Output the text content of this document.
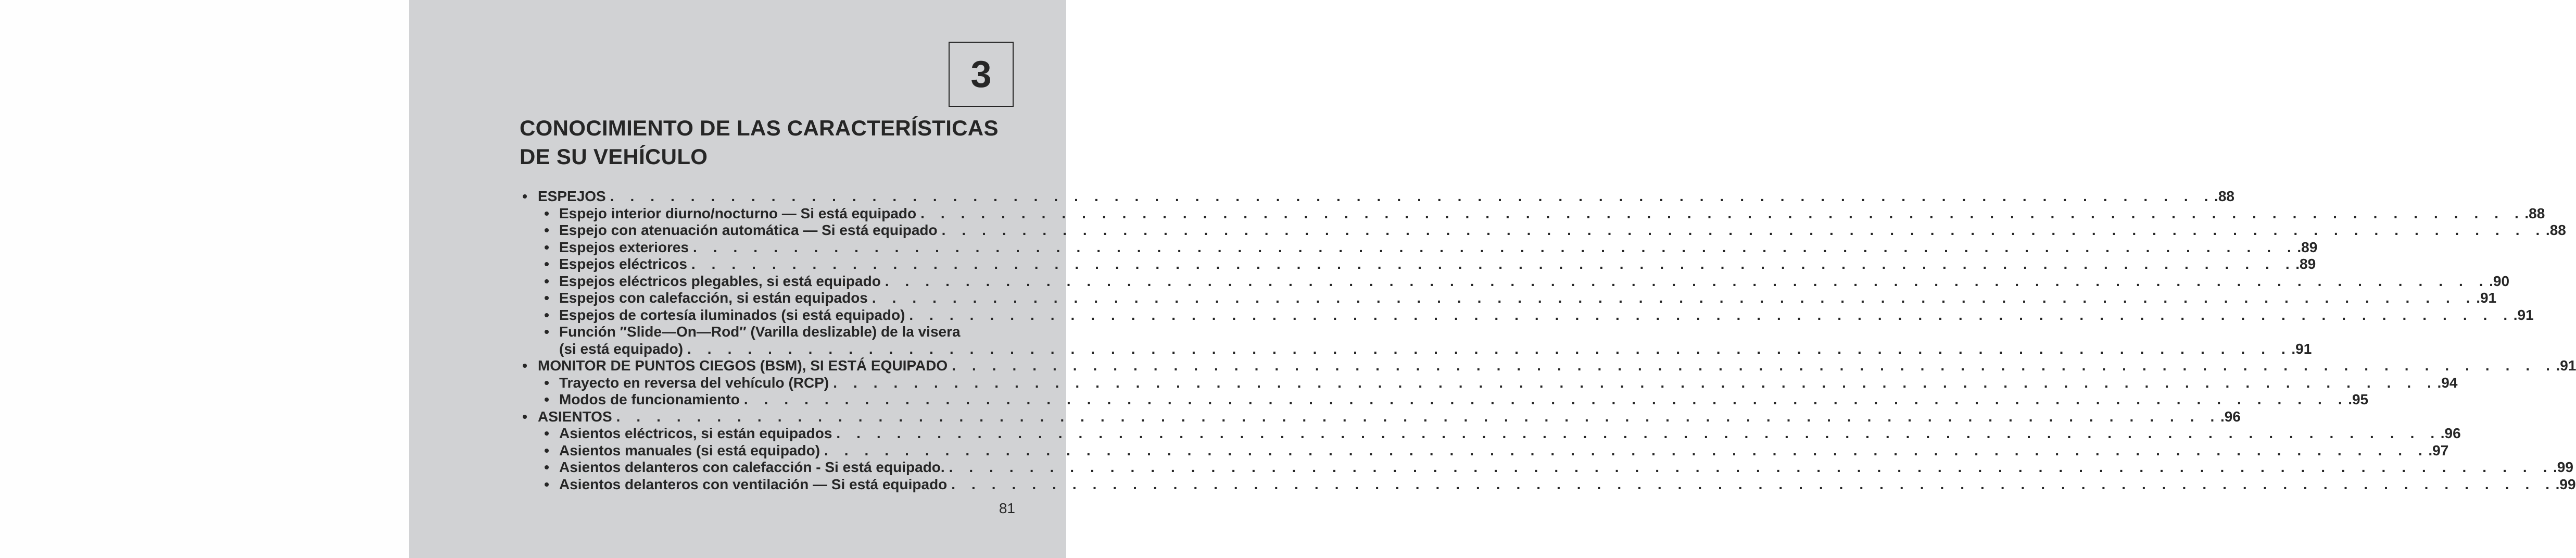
3
CONOCIMIENTO DE LAS CARACTERÍSTICAS
DE SU VEHÍCULO
• ESPEJOS . . . . . . . . . . . . . . . . . . . . . . . . . . . . . . . . . . . . . . . . . . . . . . . . . . . . . . . . . . . . . . . . . . . . . . . . . . . . . . . . .88
• Espejo interior diurno/nocturno — Si está equipado . . . . . . . . . . . . . . . . . . . . . . . . . . . . . . . . . . . . . . . . . . . . . . . . . . . . . . . . . . . . . . . . . . . . . . . . . . . . . . . . .88
• Espejo con atenuación automática — Si está equipado . . . . . . . . . . . . . . . . . . . . . . . . . . . . . . . . . . . . . . . . . . . . . . . . . . . . . . . . . . . . . . . . . . . . . . . . . . . . . . . . .88
• Espejos exteriores . . . . . . . . . . . . . . . . . . . . . . . . . . . . . . . . . . . . . . . . . . . . . . . . . . . . . . . . . . . . . . . . . . . . . . . . . . . . . . . . .89
• Espejos eléctricos . . . . . . . . . . . . . . . . . . . . . . . . . . . . . . . . . . . . . . . . . . . . . . . . . . . . . . . . . . . . . . . . . . . . . . . . . . . . . . . . .89
• Espejos eléctricos plegables, si está equipado . . . . . . . . . . . . . . . . . . . . . . . . . . . . . . . . . . . . . . . . . . . . . . . . . . . . . . . . . . . . . . . . . . . . . . . . . . . . . . . . .90
• Espejos con calefacción, si están equipados . . . . . . . . . . . . . . . . . . . . . . . . . . . . . . . . . . . . . . . . . . . . . . . . . . . . . . . . . . . . . . . . . . . . . . . . . . . . . . . . .91
• Espejos de cortesía iluminados (si está equipado) . . . . . . . . . . . . . . . . . . . . . . . . . . . . . . . . . . . . . . . . . . . . . . . . . . . . . . . . . . . . . . . . . . . . . . . . . . . . . . . . .91
• Función ″Slide—On—Rod″ (Varilla deslizable) de la visera
(si está equipado) . . . . . . . . . . . . . . . . . . . . . . . . . . . . . . . . . . . . . . . . . . . . . . . . . . . . . . . . . . . . . . . . . . . . . . . . . . . . . . . . .91
• MONITOR DE PUNTOS CIEGOS (BSM), SI ESTÁ EQUIPADO . . . . . . . . . . . . . . . . . . . . . . . . . . . . . . . . . . . . . . . . . . . . . . . . . . . . . . . . . . . . . . . . . . . . . . . . . . . . . . . . .91
• Trayecto en reversa del vehículo (RCP) . . . . . . . . . . . . . . . . . . . . . . . . . . . . . . . . . . . . . . . . . . . . . . . . . . . . . . . . . . . . . . . . . . . . . . . . . . . . . . . . .94
• Modos de funcionamiento . . . . . . . . . . . . . . . . . . . . . . . . . . . . . . . . . . . . . . . . . . . . . . . . . . . . . . . . . . . . . . . . . . . . . . . . . . . . . . . . .95
• ASIENTOS . . . . . . . . . . . . . . . . . . . . . . . . . . . . . . . . . . . . . . . . . . . . . . . . . . . . . . . . . . . . . . . . . . . . . . . . . . . . . . . . .96
• Asientos eléctricos, si están equipados . . . . . . . . . . . . . . . . . . . . . . . . . . . . . . . . . . . . . . . . . . . . . . . . . . . . . . . . . . . . . . . . . . . . . . . . . . . . . . . . .96
• Asientos manuales (si está equipado) . . . . . . . . . . . . . . . . . . . . . . . . . . . . . . . . . . . . . . . . . . . . . . . . . . . . . . . . . . . . . . . . . . . . . . . . . . . . . . . . .97
• Asientos delanteros con calefacción - Si está equipado. . . . . . . . . . . . . . . . . . . . . . . . . . . . . . . . . . . . . . . . . . . . . . . . . . . . . . . . . . . . . . . . . . . . . . . . . . . . . . . . . .99
• Asientos delanteros con ventilación — Si está equipado . . . . . . . . . . . . . . . . . . . . . . . . . . . . . . . . . . . . . . . . . . . . . . . . . . . . . . . . . . . . . . . . . . . . . . . . . . . . . . . . .99
81
